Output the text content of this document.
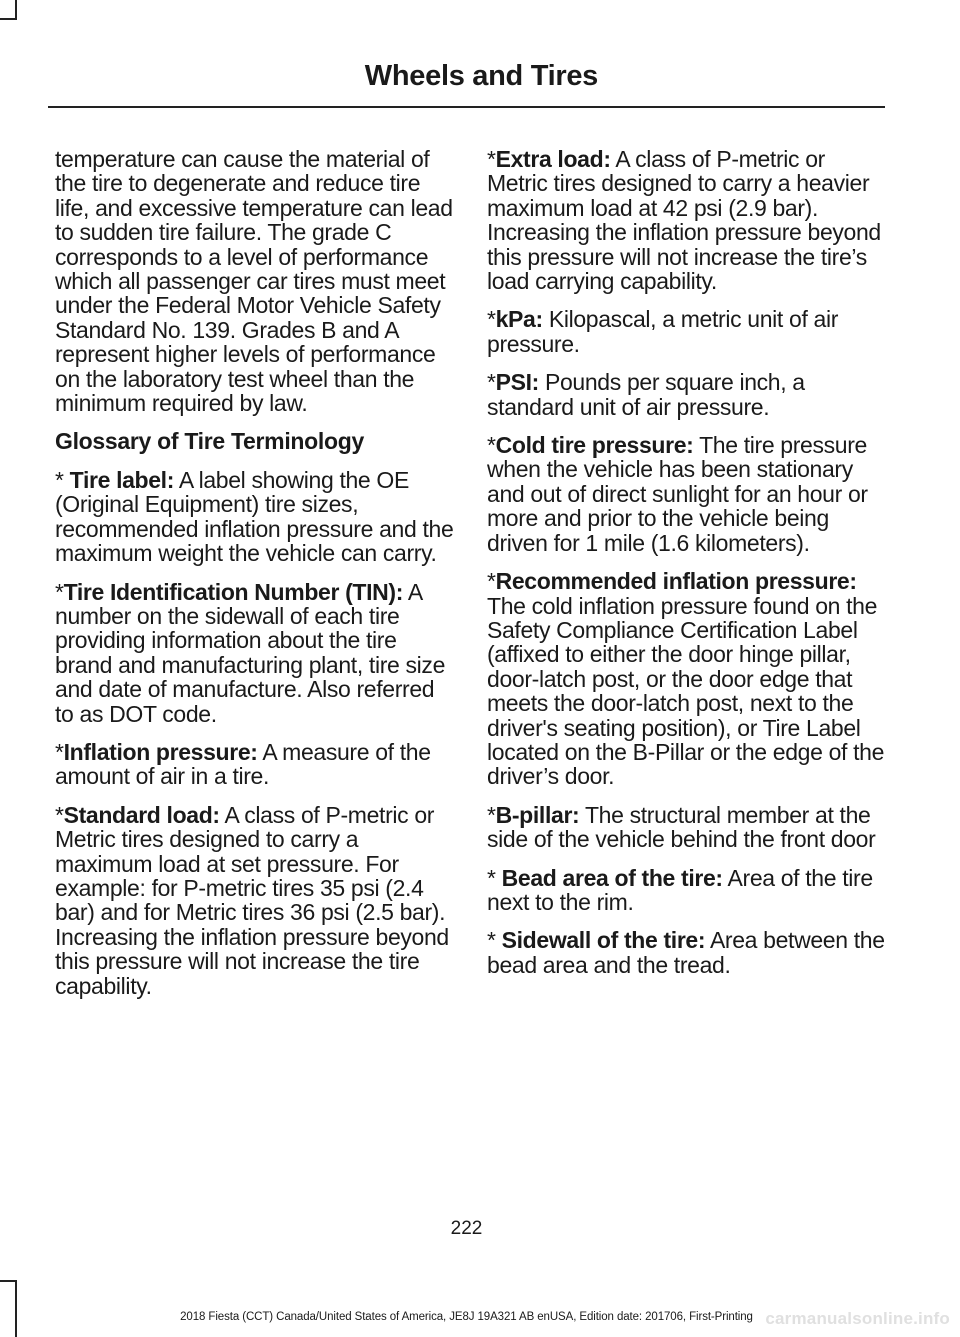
Wheels and Tires

temperature can cause the material of the tire to degenerate and reduce tire life, and excessive temperature can lead to sudden tire failure. The grade C corresponds to a level of performance which all passenger car tires must meet under the Federal Motor Vehicle Safety Standard No. 139. Grades B and A represent higher levels of performance on the laboratory test wheel than the minimum required by law.

Glossary of Tire Terminology

* Tire label: A label showing the OE (Original Equipment) tire sizes, recommended inflation pressure and the maximum weight the vehicle can carry.

*Tire Identification Number (TIN): A number on the sidewall of each tire providing information about the tire brand and manufacturing plant, tire size and date of manufacture. Also referred to as DOT code.

*Inflation pressure: A measure of the amount of air in a tire.

*Standard load: A class of P-metric or Metric tires designed to carry a maximum load at set pressure. For example: for P-metric tires 35 psi (2.4 bar) and for Metric tires 36 psi (2.5 bar). Increasing the inflation pressure beyond this pressure will not increase the tire capability.

*Extra load: A class of P-metric or Metric tires designed to carry a heavier maximum load at 42 psi (2.9 bar). Increasing the inflation pressure beyond this pressure will not increase the tire’s load carrying capability.

*kPa: Kilopascal, a metric unit of air pressure.

*PSI: Pounds per square inch, a standard unit of air pressure.

*Cold tire pressure: The tire pressure when the vehicle has been stationary and out of direct sunlight for an hour or more and prior to the vehicle being driven for 1 mile (1.6 kilometers).

*Recommended inflation pressure: The cold inflation pressure found on the Safety Compliance Certification Label (affixed to either the door hinge pillar, door-latch post, or the door edge that meets the door-latch post, next to the driver's seating position), or Tire Label located on the B-Pillar or the edge of the driver’s door.

*B-pillar: The structural member at the side of the vehicle behind the front door

* Bead area of the tire: Area of the tire next to the rim.

* Sidewall of the tire: Area between the bead area and the tread.

222
2018 Fiesta (CCT) Canada/United States of America, JE8J 19A321 AB enUSA, Edition date: 201706, First-Printing carmanualsonline.info
